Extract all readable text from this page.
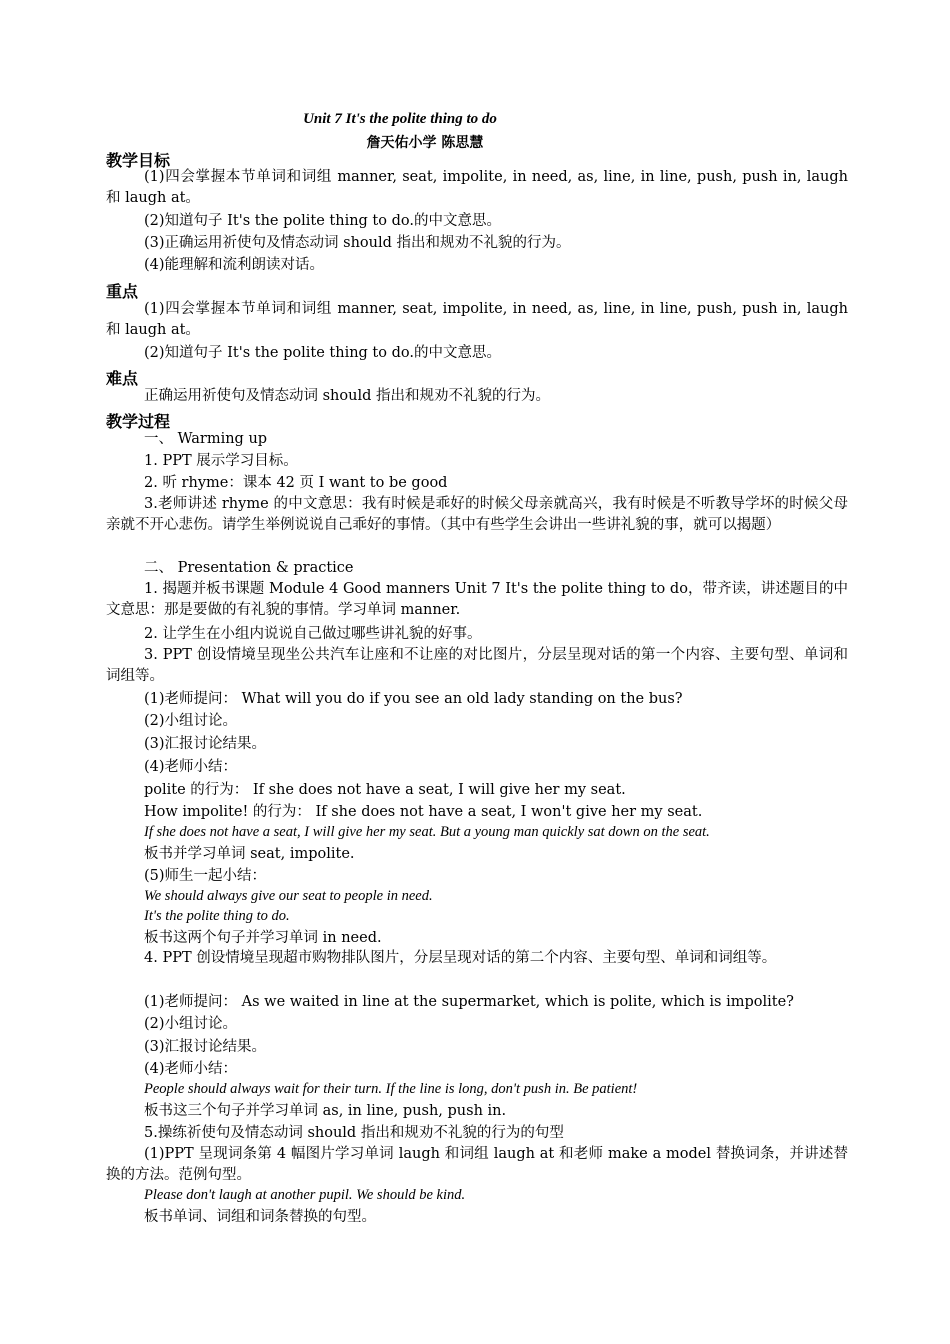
Unit 7 It's the polite thing to do
詹天佑小学 陈思慧
教学目标
(1)四会掌握本节单词和词组 manner, seat, impolite, in need, as, line, in line, push, push in, laugh 和 laugh at。
(2)知道句子 It's the polite thing to do.的中文意思。
(3)正确运用祈使句及情态动词 should 指出和规劝不礼貌的行为。
(4)能理解和流利朗读对话。
重点
(1)四会掌握本节单词和词组 manner, seat, impolite, in need, as, line, in line, push, push in, laugh 和 laugh at。
(2)知道句子 It's the polite thing to do.的中文意思。
难点
正确运用祈使句及情态动词 should 指出和规劝不礼貌的行为。
教学过程
一、 Warming up
1. PPT 展示学习目标。
2. 听 rhyme：课本 42 页 I want to be good
3.老师讲述 rhyme 的中文意思：我有时候是乖好的时候父母亲就高兴，我有时候是不听教导学坏的时候父母亲就不开心悲伤。请学生举例说说自己乖好的事情。（其中有些学生会讲出一些讲礼貌的事，就可以揭题）
二、 Presentation & practice
1. 揭题并板书课题 Module 4 Good manners Unit 7 It's the polite thing to do，带齐读，讲述题目的中文意思：那是要做的有礼貌的事情。学习单词 manner.
2. 让学生在小组内说说自己做过哪些讲礼貌的好事。
3. PPT 创设情境呈现坐公共汽车让座和不让座的对比图片，分层呈现对话的第一个内容、主要句型、单词和词组等。
(1)老师提问： What will you do if you see an old lady standing on the bus?
(2)小组讨论。
(3)汇报讨论结果。
(4)老师小结：
polite 的行为： If she does not have a seat, I will give her my seat.
How impolite! 的行为： If she does not have a seat, I won't give her my seat.
If she does not have a seat, I will give her my seat. But a young man quickly sat down on the seat.
板书并学习单词 seat, impolite.
(5)师生一起小结：
We should always give our seat to people in need.
It's the polite thing to do.
板书这两个句子并学习单词 in need.
4. PPT 创设情境呈现超市购物排队图片，分层呈现对话的第二个内容、主要句型、单词和词组等。
(1)老师提问： As we waited in line at the supermarket, which is polite, which is impolite?
(2)小组讨论。
(3)汇报讨论结果。
(4)老师小结：
People should always wait for their turn. If the line is long, don't push in. Be patient!
板书这三个句子并学习单词 as, in line, push, push in.
5.操练祈使句及情态动词 should 指出和规劝不礼貌的行为的句型
(1)PPT 呈现词条第 4 幅图片学习单词 laugh 和词组 laugh at 和老师 make a model 替换词条，并讲述替换的方法。范例句型。
Please don't laugh at another pupil. We should be kind.
板书单词、词组和词条替换的句型。
